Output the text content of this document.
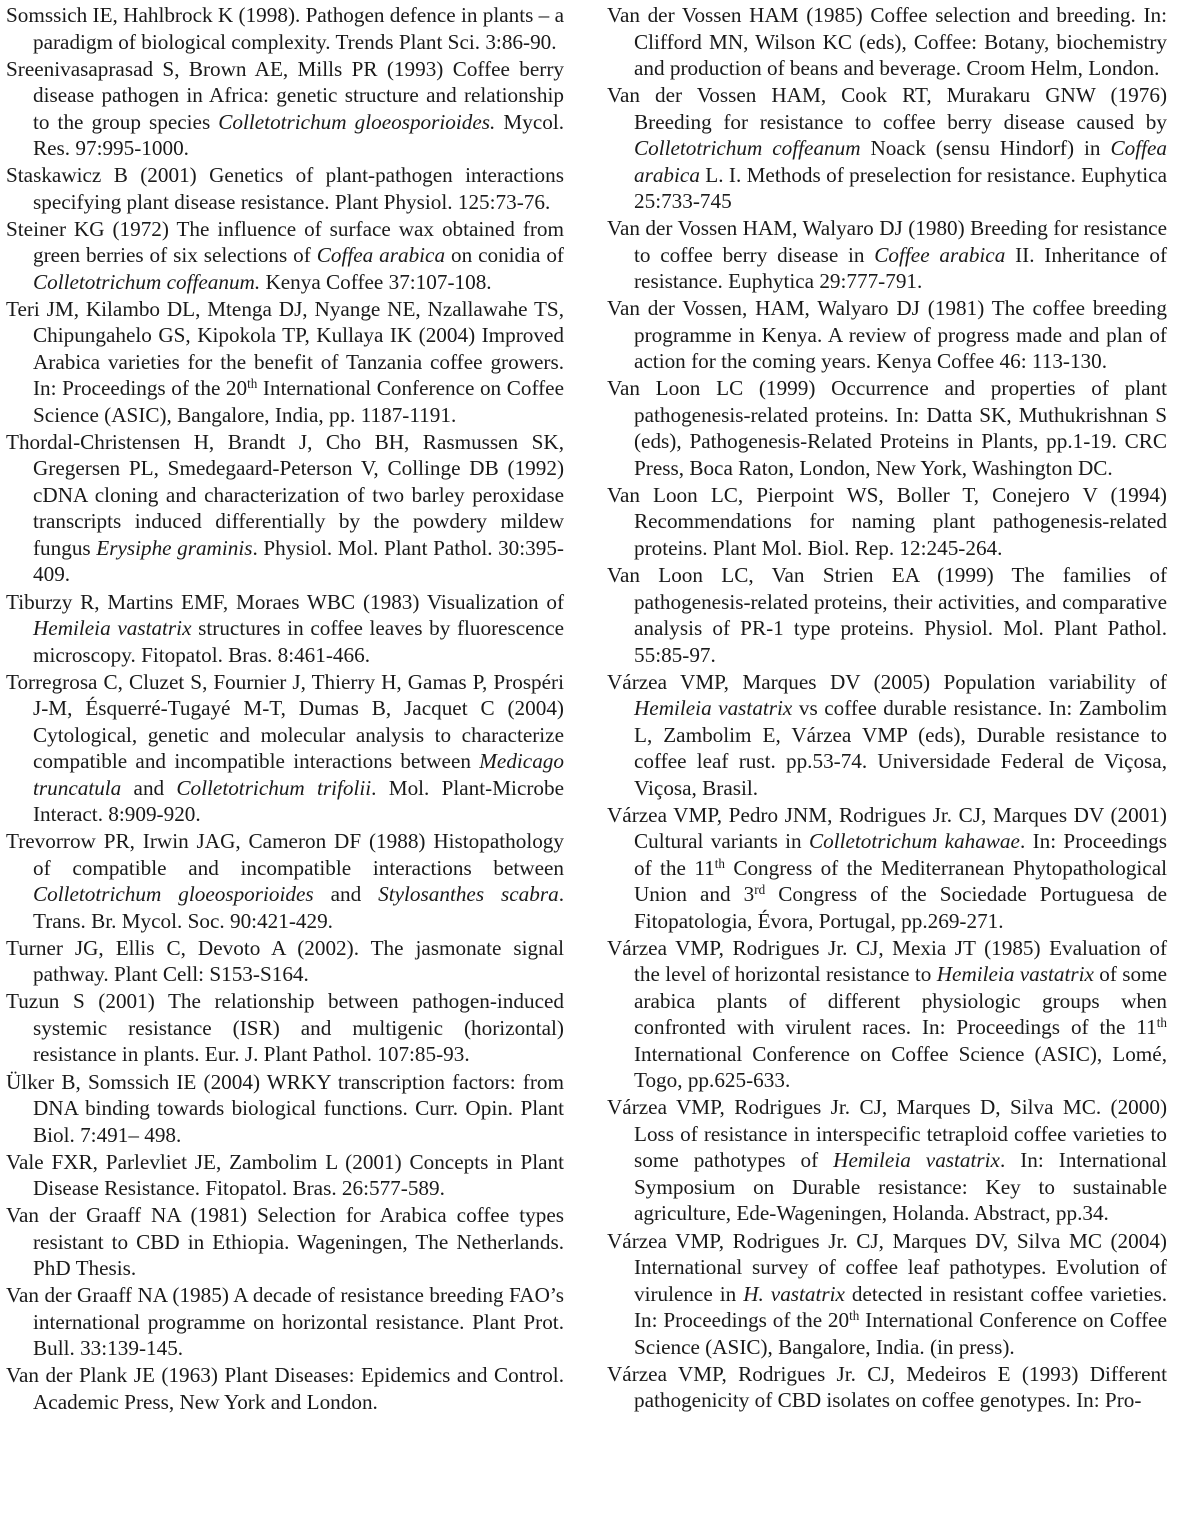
Somssich IE, Hahlbrock K (1998). Pathogen defence in plants – a paradigm of biological complexity. Trends Plant Sci. 3:86-90.

Sreenivasaprasad S, Brown AE, Mills PR (1993) Coffee berry disease pathogen in Africa: genetic structure and relationship to the group species Colletotrichum gloeosporioides. Mycol. Res. 97:995-1000.

Staskawicz B (2001) Genetics of plant-pathogen interactions specifying plant disease resistance. Plant Physiol. 125:73-76.

Steiner KG (1972) The influence of surface wax obtained from green berries of six selections of Coffea arabica on conidia of Colletotrichum coffeanum. Kenya Coffee 37:107-108.

Teri JM, Kilambo DL, Mtenga DJ, Nyange NE, Nzallawahe TS, Chipungahelo GS, Kipokola TP, Kullaya IK (2004) Improved Arabica varieties for the benefit of Tanzania coffee growers. In: Proceedings of the 20th International Conference on Coffee Science (ASIC), Bangalore, India, pp. 1187-1191.

Thordal-Christensen H, Brandt J, Cho BH, Rasmussen SK, Gregersen PL, Smedegaard-Peterson V, Collinge DB (1992) cDNA cloning and characterization of two barley peroxidase transcripts induced differentially by the powdery mildew fungus Erysiphe graminis. Physiol. Mol. Plant Pathol. 30:395-409.

Tiburzy R, Martins EMF, Moraes WBC (1983) Visualization of Hemileia vastatrix structures in coffee leaves by fluorescence microscopy. Fitopatol. Bras. 8:461-466.

Torregrosa C, Cluzet S, Fournier J, Thierry H, Gamas P, Prospéri J-M, Ésquerré-Tugayé M-T, Dumas B, Jacquet C (2004) Cytological, genetic and molecular analysis to characterize compatible and incompatible interactions between Medicago truncatula and Colletotrichum trifolii. Mol. Plant-Microbe Interact. 8:909-920.

Trevorrow PR, Irwin JAG, Cameron DF (1988) Histopathology of compatible and incompatible interactions between Colletotrichum gloeosporioides and Stylosanthes scabra. Trans. Br. Mycol. Soc. 90:421-429.

Turner JG, Ellis C, Devoto A (2002). The jasmonate signal pathway. Plant Cell: S153-S164.

Tuzun S (2001) The relationship between pathogen-induced systemic resistance (ISR) and multigenic (horizontal) resistance in plants. Eur. J. Plant Pathol. 107:85-93.

Ülker B, Somssich IE (2004) WRKY transcription factors: from DNA binding towards biological functions. Curr. Opin. Plant Biol. 7:491– 498.

Vale FXR, Parlevliet JE, Zambolim L (2001) Concepts in Plant Disease Resistance. Fitopatol. Bras. 26:577-589.

Van der Graaff NA (1981) Selection for Arabica coffee types resistant to CBD in Ethiopia. Wageningen, The Netherlands. PhD Thesis.

Van der Graaff NA (1985) A decade of resistance breeding FAO’s international programme on horizontal resistance. Plant Prot. Bull. 33:139-145.

Van der Plank JE (1963) Plant Diseases: Epidemics and Control. Academic Press, New York and London.

Van der Vossen HAM (1985) Coffee selection and breeding. In: Clifford MN, Wilson KC (eds), Coffee: Botany, biochemistry and production of beans and beverage. Croom Helm, London.

Van der Vossen HAM, Cook RT, Murakaru GNW (1976) Breeding for resistance to coffee berry disease caused by Colletotrichum coffeanum Noack (sensu Hindorf) in Coffea arabica L. I. Methods of preselection for resistance. Euphytica 25:733-745

Van der Vossen HAM, Walyaro DJ (1980) Breeding for resistance to coffee berry disease in Coffee arabica II. Inheritance of resistance. Euphytica 29:777-791.

Van der Vossen, HAM, Walyaro DJ (1981) The coffee breeding programme in Kenya. A review of progress made and plan of action for the coming years. Kenya Coffee 46: 113-130.

Van Loon LC (1999) Occurrence and properties of plant pathogenesis-related proteins. In: Datta SK, Muthukrishnan S (eds), Pathogenesis-Related Proteins in Plants, pp.1-19. CRC Press, Boca Raton, London, New York, Washington DC.

Van Loon LC, Pierpoint WS, Boller T, Conejero V (1994) Recommendations for naming plant pathogenesis-related proteins. Plant Mol. Biol. Rep. 12:245-264.

Van Loon LC, Van Strien EA (1999) The families of pathogenesis-related proteins, their activities, and comparative analysis of PR-1 type proteins. Physiol. Mol. Plant Pathol. 55:85-97.

Várzea VMP, Marques DV (2005) Population variability of Hemileia vastatrix vs coffee durable resistance. In: Zambolim L, Zambolim E, Várzea VMP (eds), Durable resistance to coffee leaf rust. pp.53-74. Universidade Federal de Viçosa, Viçosa, Brasil.

Várzea VMP, Pedro JNM, Rodrigues Jr. CJ, Marques DV (2001) Cultural variants in Colletotrichum kahawae. In: Proceedings of the 11th Congress of the Mediterranean Phytopathological Union and 3rd Congress of the Sociedade Portuguesa de Fitopatologia, Évora, Portugal, pp.269-271.

Várzea VMP, Rodrigues Jr. CJ, Mexia JT (1985) Evaluation of the level of horizontal resistance to Hemileia vastatrix of some arabica plants of different physiologic groups when confronted with virulent races. In: Proceedings of the 11th International Conference on Coffee Science (ASIC), Lomé, Togo, pp.625-633.

Várzea VMP, Rodrigues Jr. CJ, Marques D, Silva MC. (2000) Loss of resistance in interspecific tetraploid coffee varieties to some pathotypes of Hemileia vastatrix. In: International Symposium on Durable resistance: Key to sustainable agriculture, Ede-Wageningen, Holanda. Abstract, pp.34.

Várzea VMP, Rodrigues Jr. CJ, Marques DV, Silva MC (2004) International survey of coffee leaf pathotypes. Evolution of virulence in H. vastatrix detected in resistant coffee varieties. In: Proceedings of the 20th International Conference on Coffee Science (ASIC), Bangalore, India. (in press).

Várzea VMP, Rodrigues Jr. CJ, Medeiros E (1993) Different pathogenicity of CBD isolates on coffee genotypes. In: Pro-
